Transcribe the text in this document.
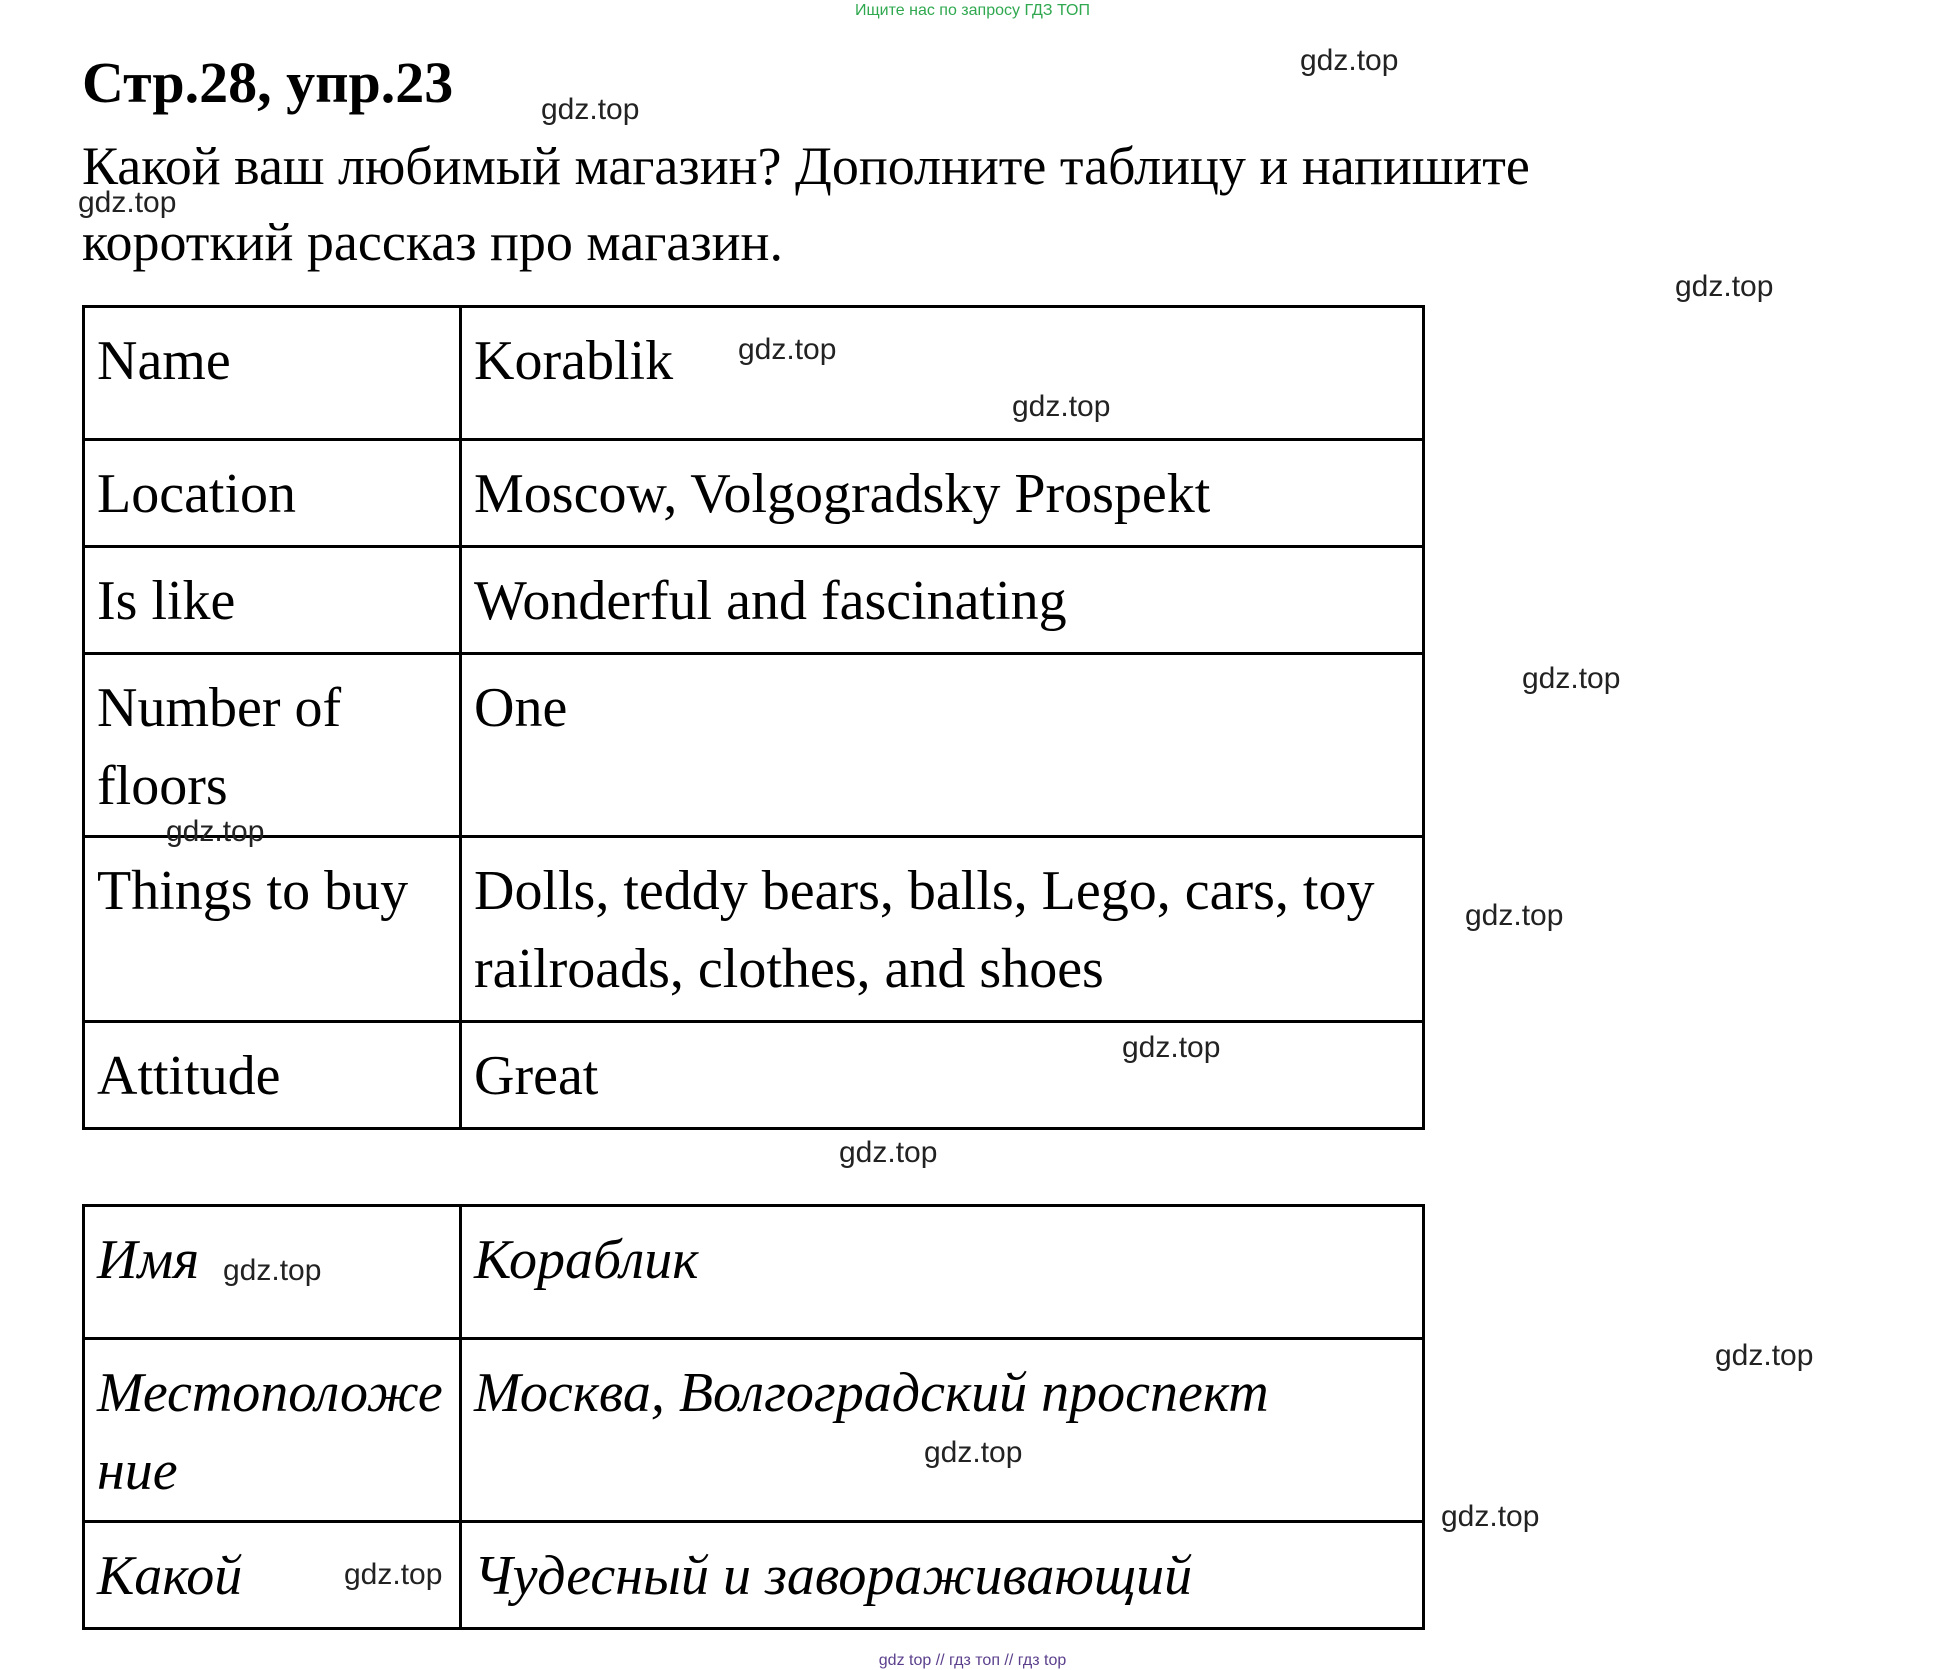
Ищите нас по запросу ГДЗ ТОП
Стр.28, упр.23

Какой ваш любимый магазин? Дополните таблицу и напишите короткий рассказ про магазин.

Name	Korablik
Location	Moscow, Volgogradsky Prospekt
Is like	Wonderful and fascinating
Number of floors	One
Things to buy	Dolls, teddy bears, balls, Lego, cars, toy railroads, clothes, and shoes
Attitude	Great
Имя	Кораблик
Местоположение	Москва, Волгоградский проспект
Какой	Чудесный и завораживающий
gdz.top
gdz.top
gdz.top
gdz.top
gdz.top
gdz.top
gdz.top
gdz.top
gdz.top
gdz.top
gdz.top
gdz.top
gdz.top
gdz.top
gdz.top
gdz.top
gdz top // гдз топ // гдз top
